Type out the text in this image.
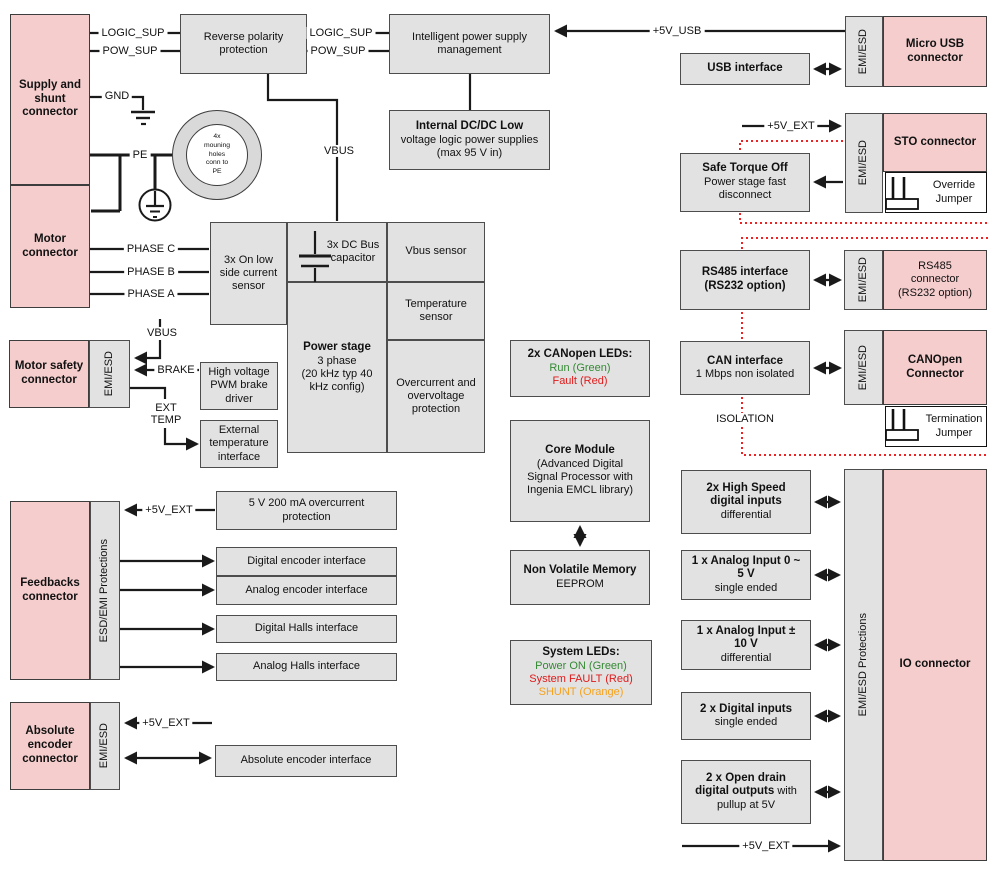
4x
mouning
holes
conn to
PE
Supply and
shunt
connector
Motor
connector
Motor safety
connector
Feedbacks
connector
Absolute
encoder
connector
Micro USB
connector
STO connector
RS485
connector
(RS232 option)
CANOpen
Connector
IO connector
EMI/ESD
EMI/ESD
EMI/ESD
EMI/ESD
EMI/ESD Protections
EMI/ESD
ESD/EMI Protections
EMI/ESD
Reverse polarity
protection
Intelligent power supply
management
Internal DC/DC Low
voltage logic power supplies
(max 95 V in)
USB interface
Safe Torque Off
Power stage fast
disconnect
RS485 interface
(RS232 option)
CAN interface
1 Mbps non isolated
3x On low
side current
sensor
3x DC Bus
capacitor
Power stage
3 phase
(20 kHz typ 40
kHz config)
Vbus sensor
Temperature
sensor
Overcurrent and
overvoltage
protection
High voltage
PWM brake
driver
External
temperature
interface
5 V 200 mA overcurrent
protection
Digital encoder interface
Analog encoder interface
Digital Halls interface
Analog Halls interface
Absolute encoder interface
2x CANopen LEDs:
Run (Green)
Fault (Red)
Core Module
(Advanced Digital
Signal Processor with
Ingenia EMCL library)
Non Volatile Memory
EEPROM
System LEDs:
Power ON (Green)
System FAULT (Red)
SHUNT (Orange)
2x High Speed
digital inputs
differential
1 x Analog Input 0 ~
5 V
single ended
1 x Analog Input ±
10 V
differential
2 x Digital inputs
single ended
2 x Open drain
digital outputs with
pullup at 5V
Override
Jumper
Termination
Jumper
LOGIC_SUP
POW_SUP
LOGIC_SUP
POW_SUP
+5V_USB
GND
PE	VBUS
PHASE C
PHASE B
PHASE A
VBUS
BRAKE
EXT
TEMP
+5V_EXT
+5V_EXT
+5V_EXT
ISOLATION
+5V_EXT
